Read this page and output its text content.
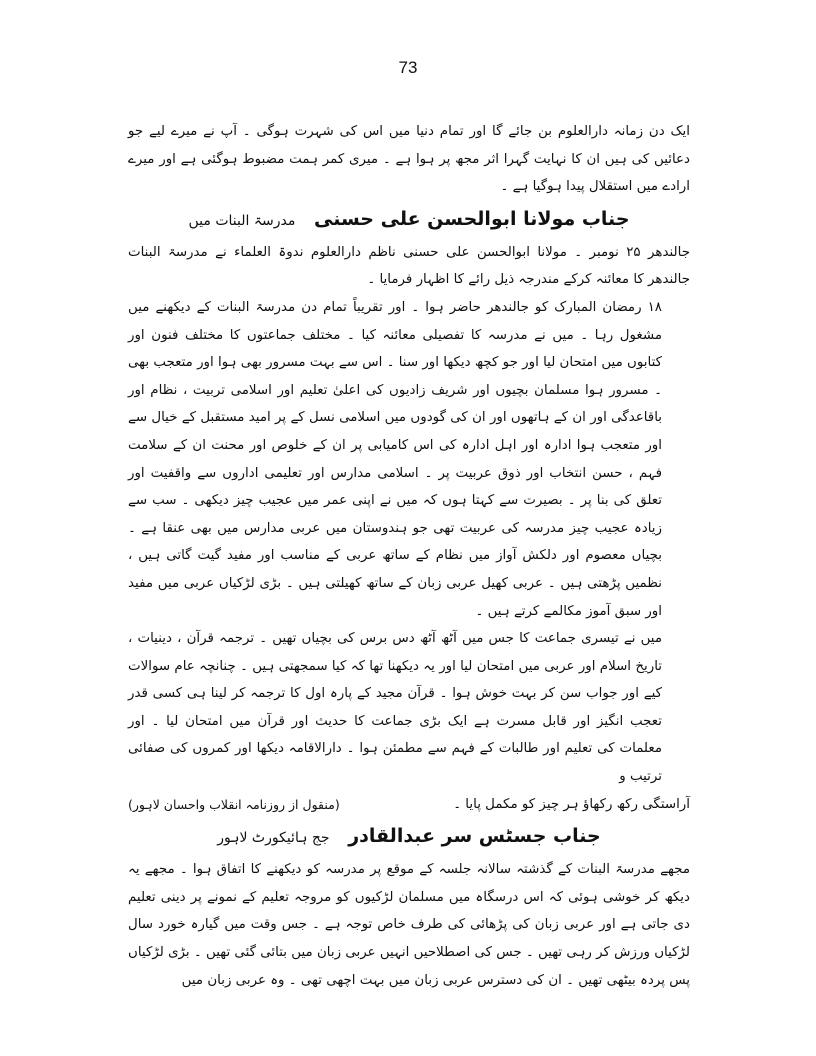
73

ایک دن زمانہ دارالعلوم بن جائے گا اور تمام دنیا میں اس کی شہرت ہوگی ۔ آپ نے میرے لیے جو دعائیں کی ہیں ان کا نہایت گہرا اثر مجھ پر ہوا ہے ۔ میری کمر ہمت مضبوط ہوگئی ہے اور میرے ارادے میں استقلال پیدا ہوگیا ہے ۔

جناب مولانا ابوالحسن علی حسنی مدرسۃ البنات میں

جالندھر ۲۵ نومبر ۔ مولانا ابوالحسن علی حسنی ناظم دارالعلوم ندوۃ العلماء نے مدرسۃ البنات جالندھر کا معائنہ کرکے مندرجہ ذیل رائے کا اظہار فرمایا ۔

۱۸ رمضان المبارک کو جالندھر حاضر ہوا ۔ اور تقریباً تمام دن مدرسۃ البنات کے دیکھنے میں مشغول رہا ۔ میں نے مدرسہ کا تفصیلی معائنہ کیا ۔ مختلف جماعتوں کا مختلف فنون اور کتابوں میں امتحان لیا اور جو کچھ دیکھا اور سنا ۔ اس سے بہت مسرور بھی ہوا اور متعجب بھی ۔ مسرور ہوا مسلمان بچیوں اور شریف زادیوں کی اعلیٰ تعلیم اور اسلامی تربیت ، نظام اور باقاعدگی اور ان کے ہاتھوں اور ان کی گودوں میں اسلامی نسل کے پر امید مستقبل کے خیال سے اور متعجب ہوا ادارہ اور اہل ادارہ کی اس کامیابی پر ان کے خلوص اور محنت ان کے سلامت فہم ، حسن انتخاب اور ذوق عربیت پر ۔ اسلامی مدارس اور تعلیمی اداروں سے واقفیت اور تعلق کی بنا پر ۔ بصیرت سے کہتا ہوں کہ میں نے اپنی عمر میں عجیب چیز دیکھی ۔ سب سے زیادہ عجیب چیز مدرسہ کی عربیت تھی جو ہندوستان میں عربی مدارس میں بھی عنقا ہے ۔ بچیاں معصوم اور دلکش آواز میں نظام کے ساتھ عربی کے مناسب اور مفید گیت گاتی ہیں ، نظمیں پڑھتی ہیں ۔ عربی کھیل عربی زبان کے ساتھ کھیلتی ہیں ۔ بڑی لڑکیاں عربی میں مفید اور سبق آموز مکالمے کرتے ہیں ۔

میں نے تیسری جماعت کا جس میں آٹھ آٹھ دس برس کی بچیاں تھیں ۔ ترجمہ قرآن ، دینیات ، تاریخ اسلام اور عربی میں امتحان لیا اور یہ دیکھنا تھا کہ کیا سمجھتی ہیں ۔ چنانچہ عام سوالات کیے اور جواب سن کر بہت خوش ہوا ۔ قرآن مجید کے پارہ اول کا ترجمہ کر لینا ہی کسی قدر تعجب انگیز اور قابل مسرت ہے ایک بڑی جماعت کا حدیث اور قرآن میں امتحان لیا ۔ اور معلمات کی تعلیم اور طالبات کے فہم سے مطمئن ہوا ۔ دارالاقامہ دیکھا اور کمروں کی صفائی ترتیب و

آراستگی رکھ رکھاؤ ہر چیز کو مکمل پایا ۔
(منقول از روزنامہ انقلاب واحسان لاہور)

جناب جسٹس سر عبدالقادر جج ہائیکورٹ لاہور

مجھے مدرسۃ البنات کے گذشتہ سالانہ جلسہ کے موقع پر مدرسہ کو دیکھنے کا اتفاق ہوا ۔ مجھے یہ دیکھ کر خوشی ہوئی کہ اس درسگاہ میں مسلمان لڑکیوں کو مروجہ تعلیم کے نمونے پر دینی تعلیم دی جاتی ہے اور عربی زبان کی پڑھائی کی طرف خاص توجہ ہے ۔ جس وقت میں گیارہ خورد سال لڑکیاں ورزش کر رہی تھیں ۔ جس کی اصطلاحیں انہیں عربی زبان میں بتائی گئی تھیں ۔ بڑی لڑکیاں پس پردہ بیٹھی تھیں ۔ ان کی دسترس عربی زبان میں بہت اچھی تھی ۔ وہ عربی زبان میں
